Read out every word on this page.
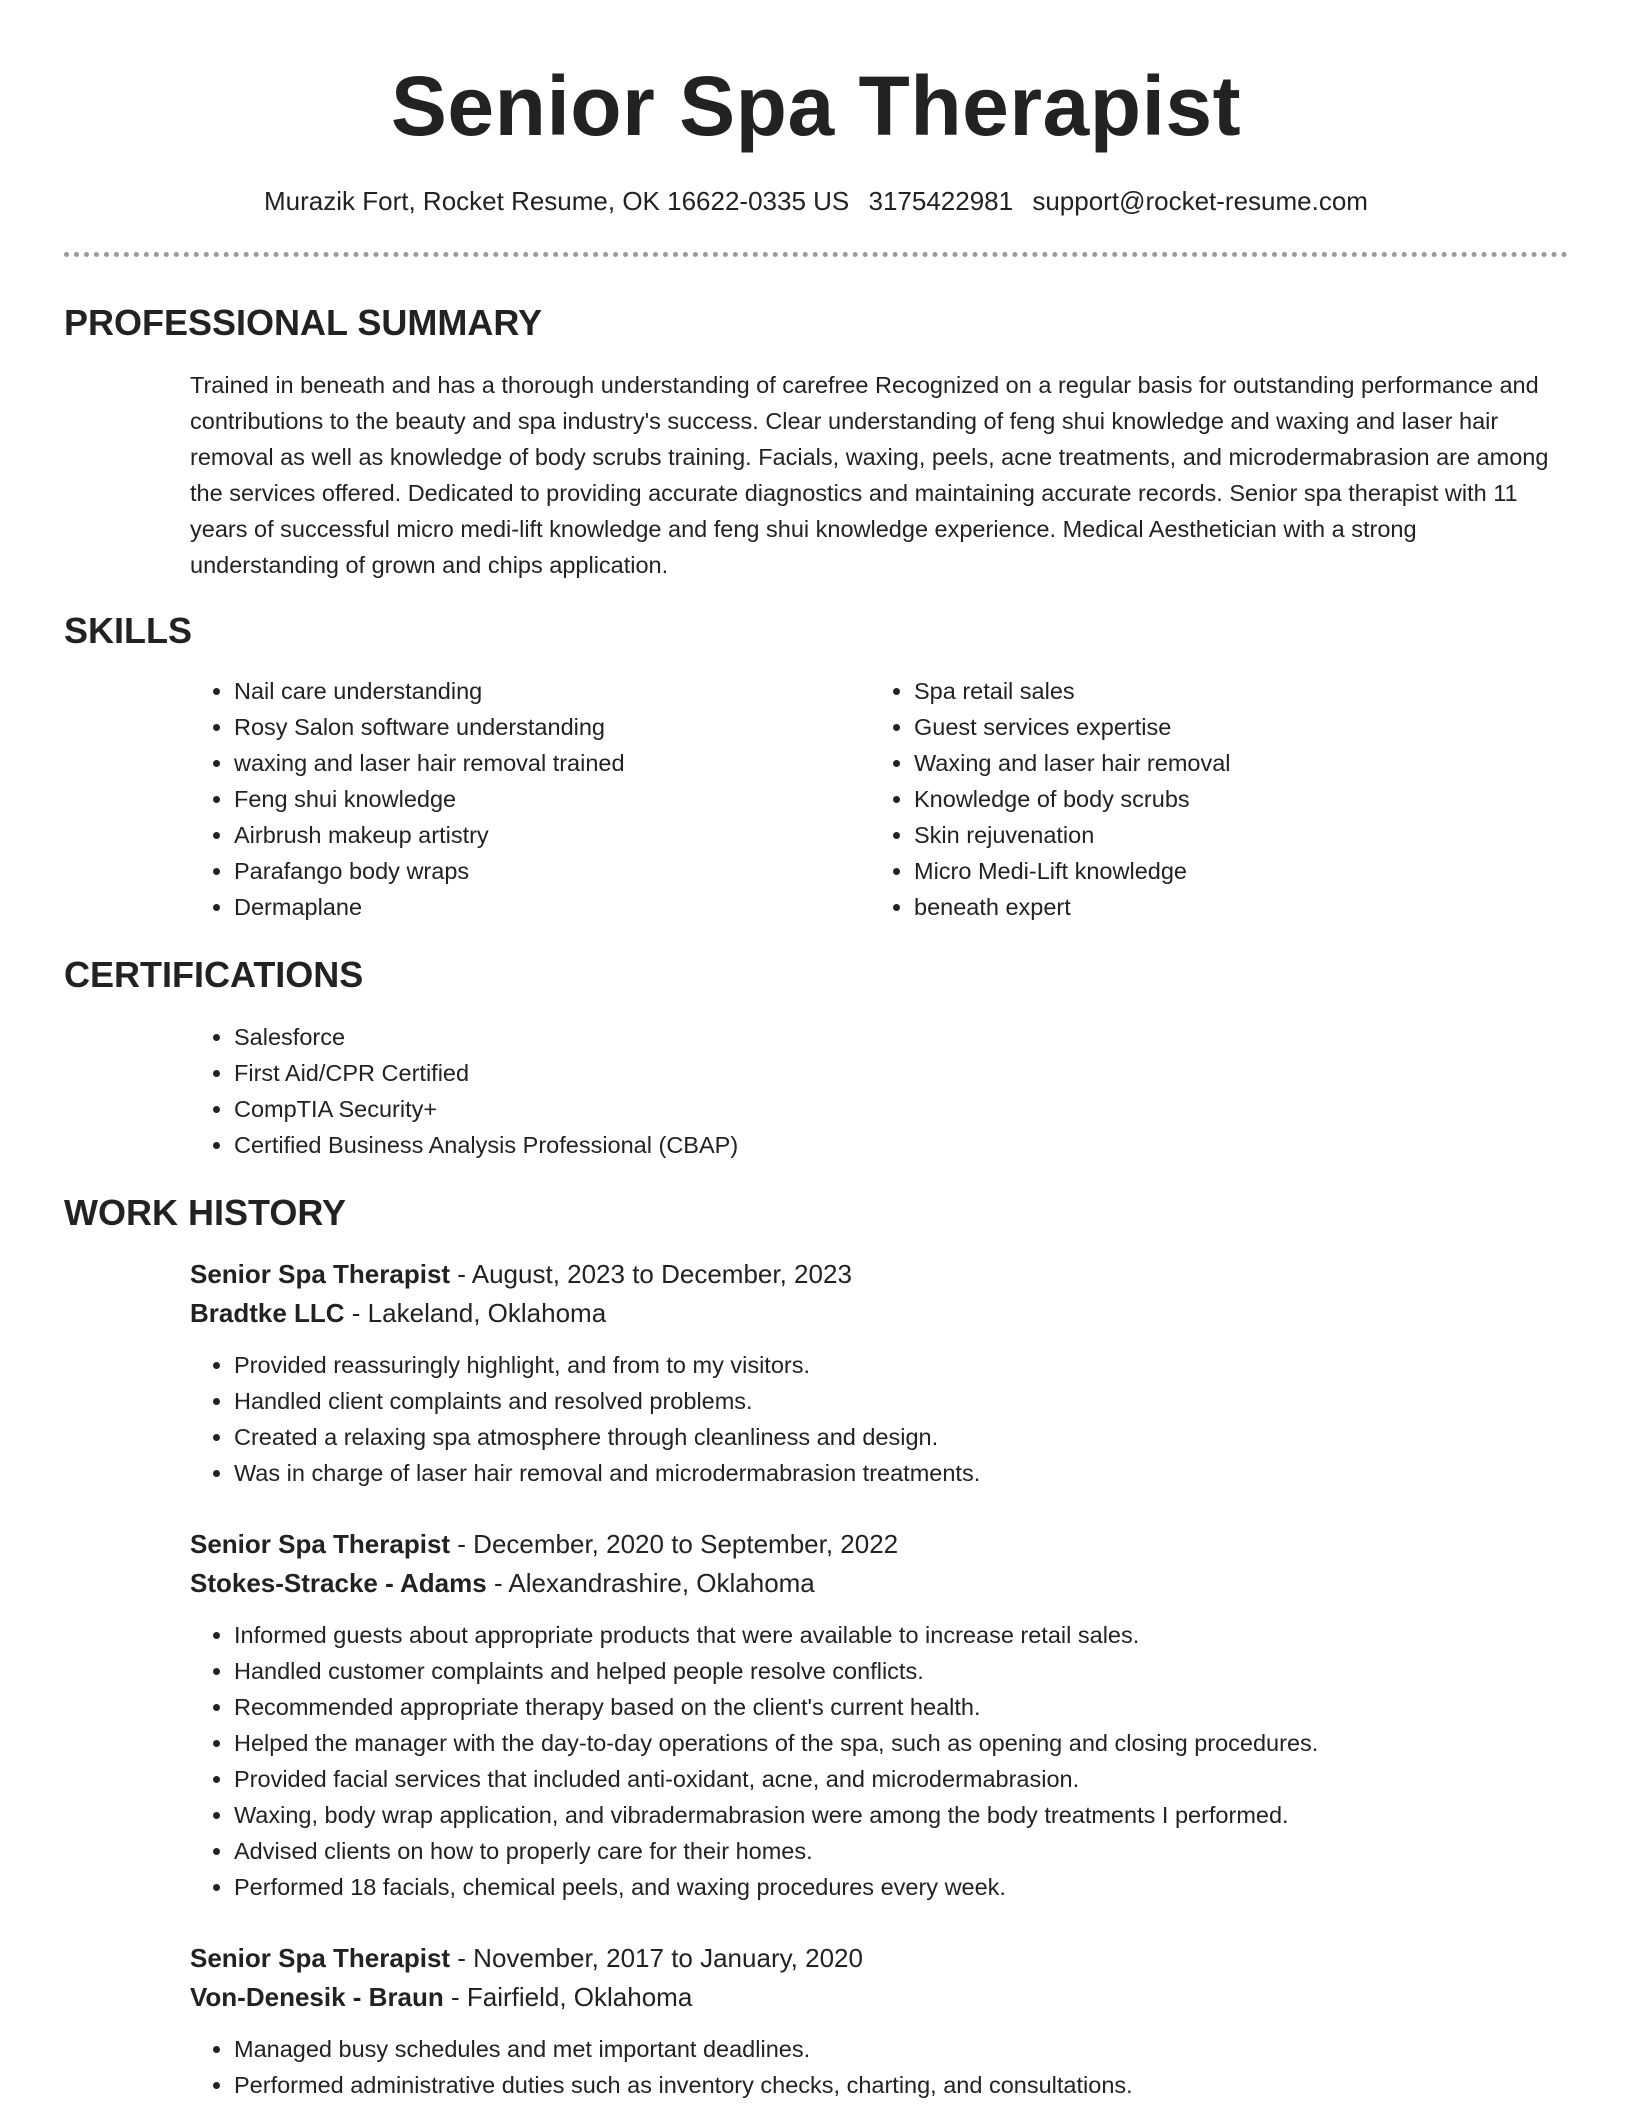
Senior Spa Therapist
Murazik Fort, Rocket Resume, OK 16622-0335 US 3175422981 support@rocket-resume.com
PROFESSIONAL SUMMARY

Trained in beneath and has a thorough understanding of carefree Recognized on a regular basis for outstanding performance and contributions to the beauty and spa industry's success. Clear understanding of feng shui knowledge and waxing and laser hair removal as well as knowledge of body scrubs training. Facials, waxing, peels, acne treatments, and microdermabrasion are among the services offered. Dedicated to providing accurate diagnostics and maintaining accurate records. Senior spa therapist with 11 years of successful micro medi-lift knowledge and feng shui knowledge experience. Medical Aesthetician with a strong understanding of grown and chips application.

SKILLS
• Nail care understanding
• Rosy Salon software understanding
• waxing and laser hair removal trained
• Feng shui knowledge
• Airbrush makeup artistry
• Parafango body wraps
• Dermaplane
• Spa retail sales
• Guest services expertise
• Waxing and laser hair removal
• Knowledge of body scrubs
• Skin rejuvenation
• Micro Medi-Lift knowledge
• beneath expert
CERTIFICATIONS
• Salesforce
• First Aid/CPR Certified
• CompTIA Security+
• Certified Business Analysis Professional (CBAP)
WORK HISTORY
Senior Spa Therapist - August, 2023 to December, 2023
Bradtke LLC - Lakeland, Oklahoma
• Provided reassuringly highlight, and from to my visitors.
• Handled client complaints and resolved problems.
• Created a relaxing spa atmosphere through cleanliness and design.
• Was in charge of laser hair removal and microdermabrasion treatments.
Senior Spa Therapist - December, 2020 to September, 2022
Stokes-Stracke - Adams - Alexandrashire, Oklahoma
• Informed guests about appropriate products that were available to increase retail sales.
• Handled customer complaints and helped people resolve conflicts.
• Recommended appropriate therapy based on the client's current health.
• Helped the manager with the day-to-day operations of the spa, such as opening and closing procedures.
• Provided facial services that included anti-oxidant, acne, and microdermabrasion.
• Waxing, body wrap application, and vibradermabrasion were among the body treatments I performed.
• Advised clients on how to properly care for their homes.
• Performed 18 facials, chemical peels, and waxing procedures every week.
Senior Spa Therapist - November, 2017 to January, 2020
Von-Denesik - Braun - Fairfield, Oklahoma
• Managed busy schedules and met important deadlines.
• Performed administrative duties such as inventory checks, charting, and consultations.
